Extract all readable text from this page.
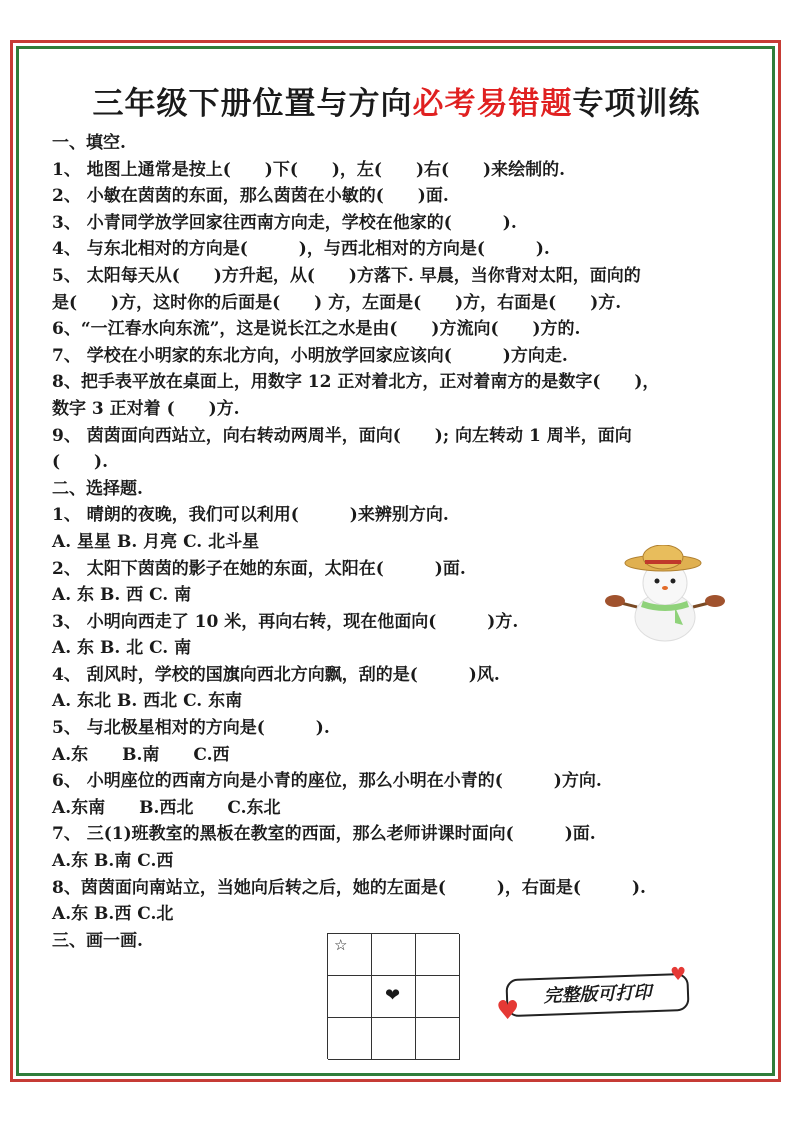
三年级下册位置与方向必考易错题专项训练
一、填空.
1、 地图上通常是按上(　　)下(　　)，左(　　)右(　　)来绘制的.
2、 小敏在茵茵的东面，那么茵茵在小敏的(　　)面.
3、 小青同学放学回家往西南方向走，学校在他家的(　　　).
4、 与东北相对的方向是(　　　)，与西北相对的方向是(　　　).
5、 太阳每天从(　　)方升起，从(　　)方落下. 早晨，当你背对太阳，面向的
是(　　)方，这时你的后面是(　　) 方，左面是(　　)方，右面是(　　)方.
6、“一江春水向东流”，这是说长江之水是由(　　)方流向(　　)方的.
7、 学校在小明家的东北方向，小明放学回家应该向(　　　)方向走.
8、把手表平放在桌面上，用数字 12 正对着北方，正对着南方的是数字(　　)，
数字 3 正对着 (　　)方.
9、 茵茵面向西站立，向右转动两周半，面向(　　); 向左转动 1 周半，面向
(　　).
二、选择题.
1、 晴朗的夜晚，我们可以利用(　　　)来辨别方向.
A. 星星 B. 月亮 C. 北斗星
2、 太阳下茵茵的影子在她的东面，太阳在(　　　)面.
A. 东 B. 西 C. 南
3、 小明向西走了 10 米，再向右转，现在他面向(　　　)方.
A. 东 B. 北 C. 南
4、 刮风时，学校的国旗向西北方向飘，刮的是(　　　)风.
A. 东北 B. 西北 C. 东南
5、 与北极星相对的方向是(　　　).
A.东　　B.南　　C.西
6、 小明座位的西南方向是小青的座位，那么小明在小青的(　　　)方向.
A.东南　　B.西北　　C.东北
7、 三(1)班教室的黑板在教室的西面，那么老师讲课时面向(　　　)面.
A.东 B.南 C.西
8、茵茵面向南站立，当她向后转之后，她的左面是(　　　)，右面是(　　　).
A.东 B.西 C.北
三、画一画.	☆
❤	完整版可打印
♥
♥
